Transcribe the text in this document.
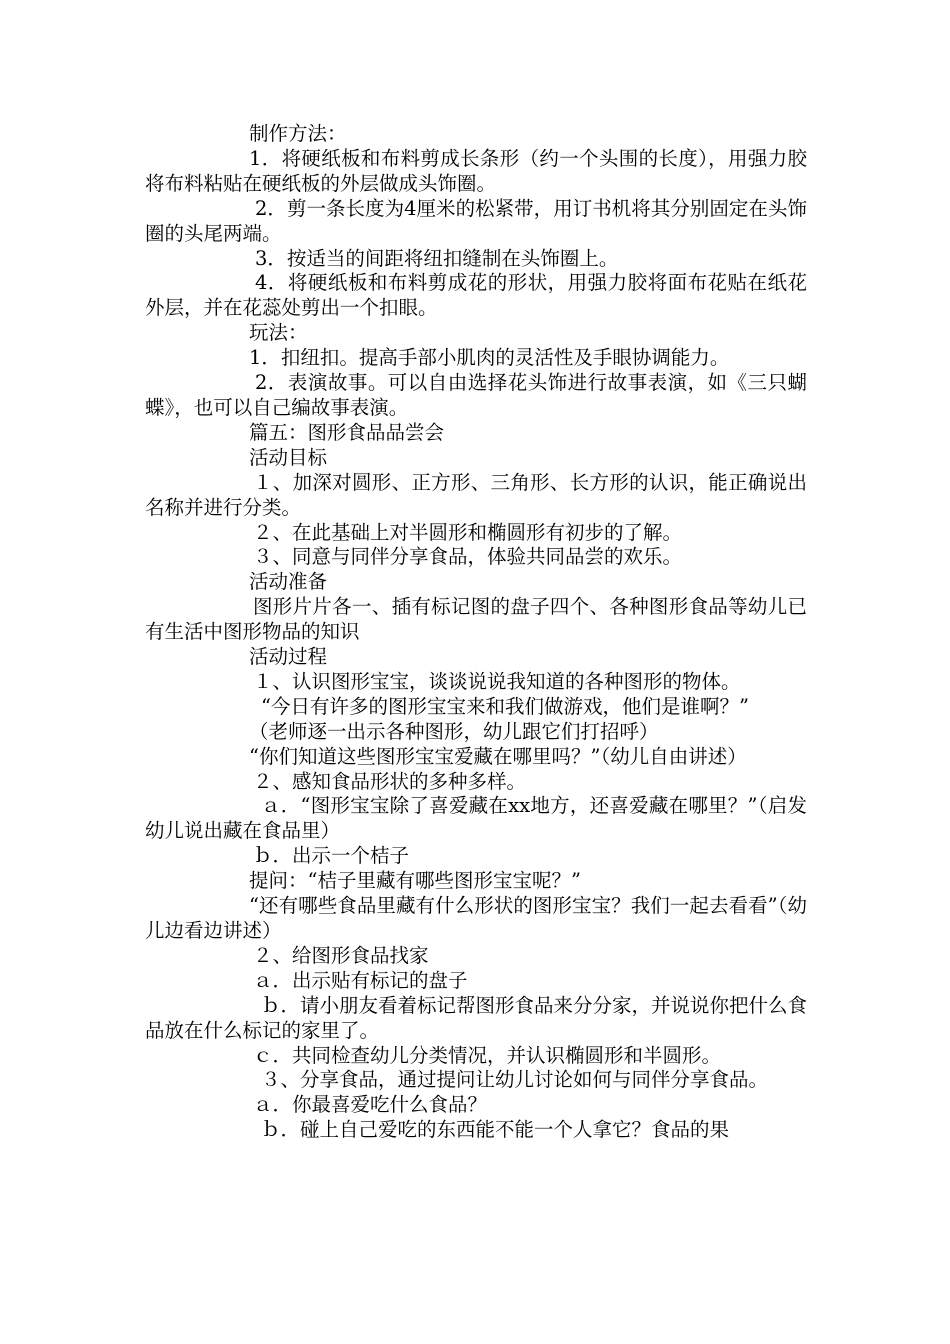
制作方法：

1．将硬纸板和布料剪成长条形（约一个头围的长度），用强力胶将布料粘贴在硬纸板的外层做成头饰圈。

2．剪一条长度为4厘米的松紧带，用订书机将其分别固定在头饰圈的头尾两端。

3．按适当的间距将纽扣缝制在头饰圈上。

4．将硬纸板和布料剪成花的形状，用强力胶将面布花贴在纸花外层，并在花蕊处剪出一个扣眼。

玩法：

1．扣纽扣。提高手部小肌肉的灵活性及手眼协调能力。

2．表演故事。可以自由选择花头饰进行故事表演，如《三只蝴蝶》，也可以自己编故事表演。

篇五：图形食品品尝会

活动目标

１、加深对圆形、正方形、三角形、长方形的认识，能正确说出名称并进行分类。

２、在此基础上对半圆形和椭圆形有初步的了解。

３、同意与同伴分享食品，体验共同品尝的欢乐。

活动准备

图形片片各一、插有标记图的盘子四个、各种图形食品等幼儿已有生活中图形物品的知识

活动过程

１、认识图形宝宝，谈谈说说我知道的各种图形的物体。

“今日有许多的图形宝宝来和我们做游戏，他们是谁啊？”

（老师逐一出示各种图形，幼儿跟它们打招呼）

“你们知道这些图形宝宝爱藏在哪里吗？”（幼儿自由讲述）

２、感知食品形状的多种多样。

ａ．“图形宝宝除了喜爱藏在xx地方，还喜爱藏在哪里？”（启发幼儿说出藏在食品里）

ｂ．出示一个桔子

提问：“桔子里藏有哪些图形宝宝呢？”

“还有哪些食品里藏有什么形状的图形宝宝？我们一起去看看”（幼儿边看边讲述）

２、给图形食品找家

ａ．出示贴有标记的盘子

ｂ．请小朋友看着标记帮图形食品来分分家，并说说你把什么食品放在什么标记的家里了。

ｃ．共同检查幼儿分类情况，并认识椭圆形和半圆形。

３、分享食品，通过提问让幼儿讨论如何与同伴分享食品。

ａ．你最喜爱吃什么食品？

ｂ．碰上自己爱吃的东西能不能一个人拿它？食品的果
